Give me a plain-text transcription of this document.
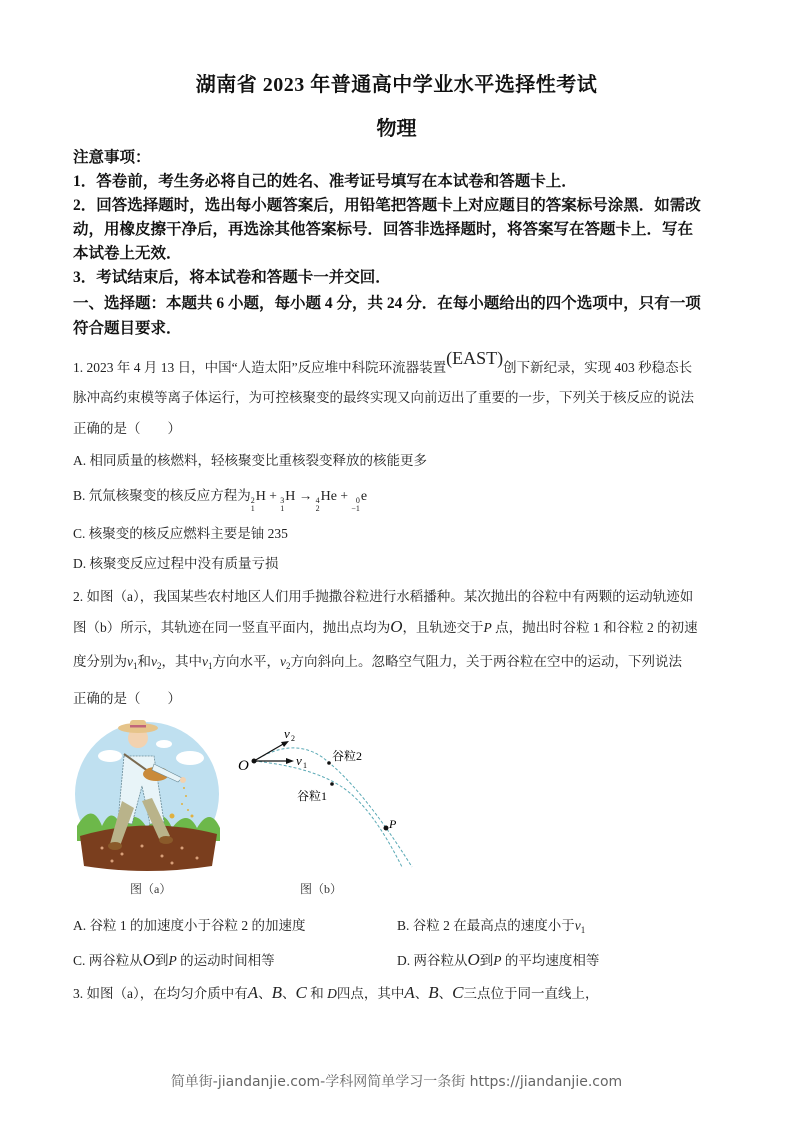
湖南省 2023 年普通高中学业水平选择性考试
物理
注意事项：
1．答卷前，考生务必将自己的姓名、准考证号填写在本试卷和答题卡上．
2．回答选择题时，选出每小题答案后，用铅笔把答题卡上对应题目的答案标号涂黑．如需改
动，用橡皮擦干净后，再选涂其他答案标号．回答非选择题时，将答案写在答题卡上．写在
本试卷上无效．
3．考试结束后，将本试卷和答题卡一并交回．
一、选择题：本题共 6 小题，每小题 4 分，共 24 分．在每小题给出的四个选项中，只有一项
符合题目要求．
1. 2023 年 4 月 13 日，中国“人造太阳”反应堆中科院环流器装置(EAST)创下新纪录，实现 403 秒稳态长
脉冲高约束模等离子体运行，为可控核聚变的最终实现又向前迈出了重要的一步，下列关于核反应的说法
正确的是（　　）
A. 相同质量的核燃料，轻核聚变比重核裂变释放的核能更多
B. 氘氚核聚变的核反应方程为 2
1
H + 3
1
H → 4
2
He + 0
−1
e
C. 核聚变的核反应燃料主要是铀 235
D. 核聚变反应过程中没有质量亏损
2. 如图（a），我国某些农村地区人们用手抛撒谷粒进行水稻播种。某次抛出的谷粒中有两颗的运动轨迹如
图（b）所示，其轨迹在同一竖直平面内，抛出点均为O，且轨迹交于P 点，抛出时谷粒 1 和谷粒 2 的初速
度分别为$v_1$和$v_2$，其中$v_1$方向水平，$v_2$方向斜向上。忽略空气阻力，关于两谷粒在空中的运动，下列说法
正确的是（　　）
图（a）
O
v 2
v 1
谷粒2
谷粒1
P
图（b）
A. 谷粒 1 的加速度小于谷粒 2 的加速度	B. 谷粒 2 在最高点的速度小于$v_1$
C. 两谷粒从O到P 的运动时间相等	D. 两谷粒从O到P 的平均速度相等
3. 如图（a），在均匀介质中有A、B、C 和 D四点，其中A、B、C三点位于同一直线上，
简单街-jiandanjie.com-学科网简单学习一条街 https://jiandanjie.com
